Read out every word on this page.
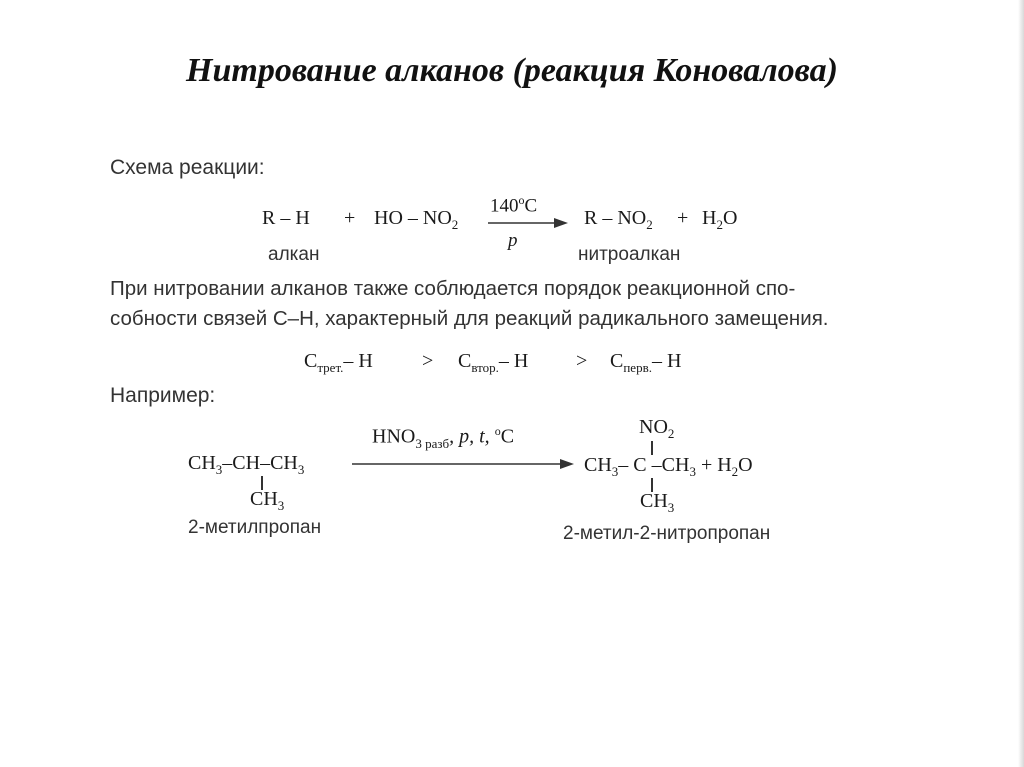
Нитрование алканов (реакция Коновалова)
Схема реакции:
R – H + HO – $NO_2$
140$^o$C
p
$R - NO_2 + H_2O$
алкан	нитроалкан
При нитровании алканов также соблюдается порядок реакционной спо-
собности связей C–H, характерный для реакций радикального замещения.
$C_{трет.}-$ $H > C_{втор.}-$ $H > C_{перв.}-$ H
Например:
$CH_3-CH-CH_3$
$CH_3$
2-метилпропан
$HNO_{3 разб}$, p, t, $^o$C	$NO_2$
$CH_3-$ C $-CH_3 + H_2O$
$CH_3$
2-метил-2-нитропропан
